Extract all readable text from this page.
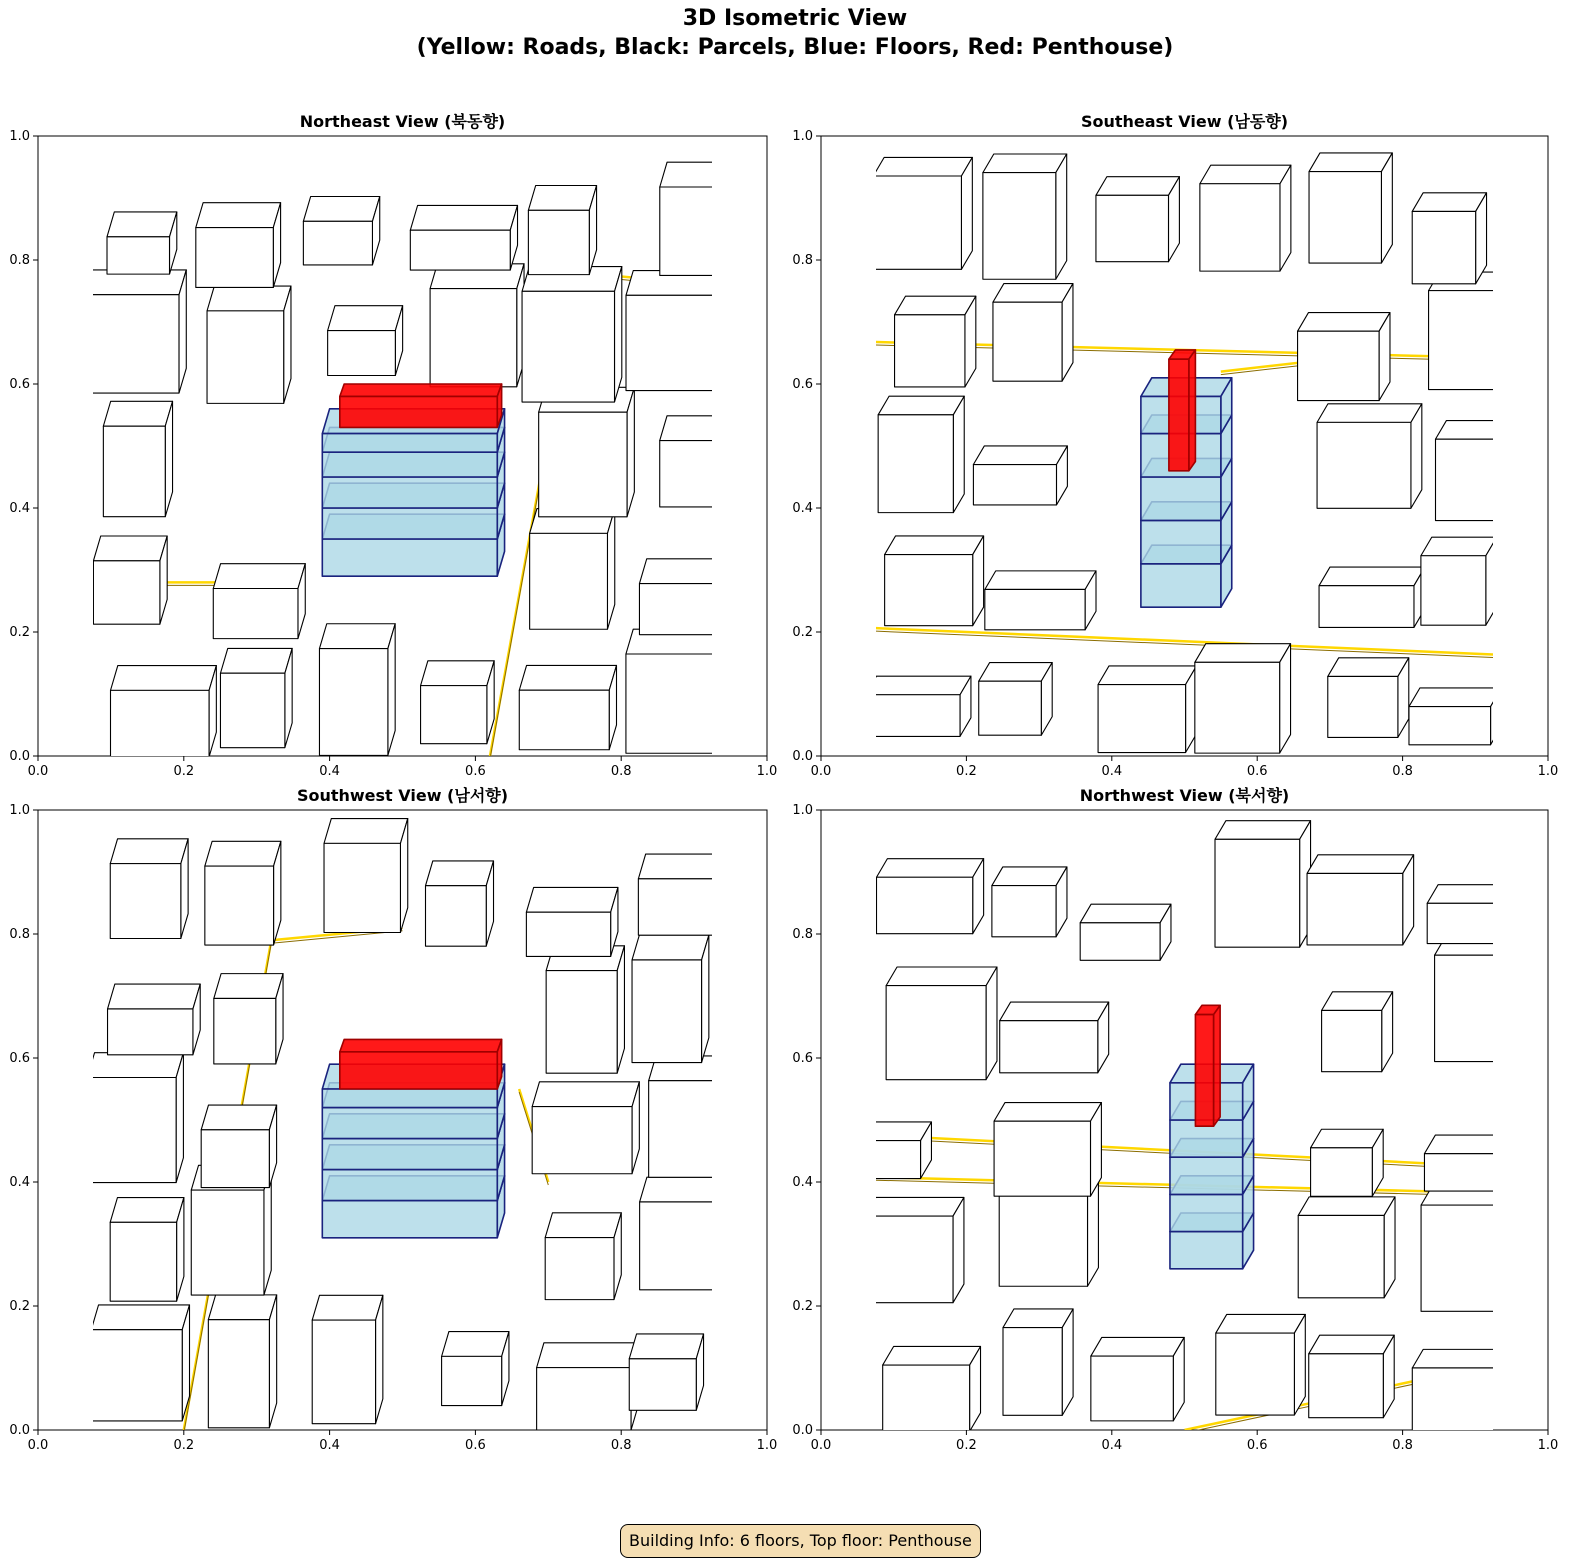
3D Isometric View
(Yellow: Roads, Black: Parcels, Blue: Floors, Red: Penthouse)
0.0
0.0
0.2
0.2
0.4
0.4
0.6
0.6
0.8
0.8
1.0
1.0
Northeast View (북동향)
0.0
0.0
0.2
0.2
0.4
0.4
0.6
0.6
0.8
0.8
1.0
1.0
Southeast View (남동향)
0.0
0.0
0.2
0.2
0.4
0.4
0.6
0.6
0.8
0.8
1.0
1.0
Southwest View (남서향)
0.0
0.0
0.2
0.2
0.4
0.4
0.6
0.6
0.8
0.8
1.0
1.0
Northwest View (북서향)
Building Info: 6 floors, Top floor: Penthouse
